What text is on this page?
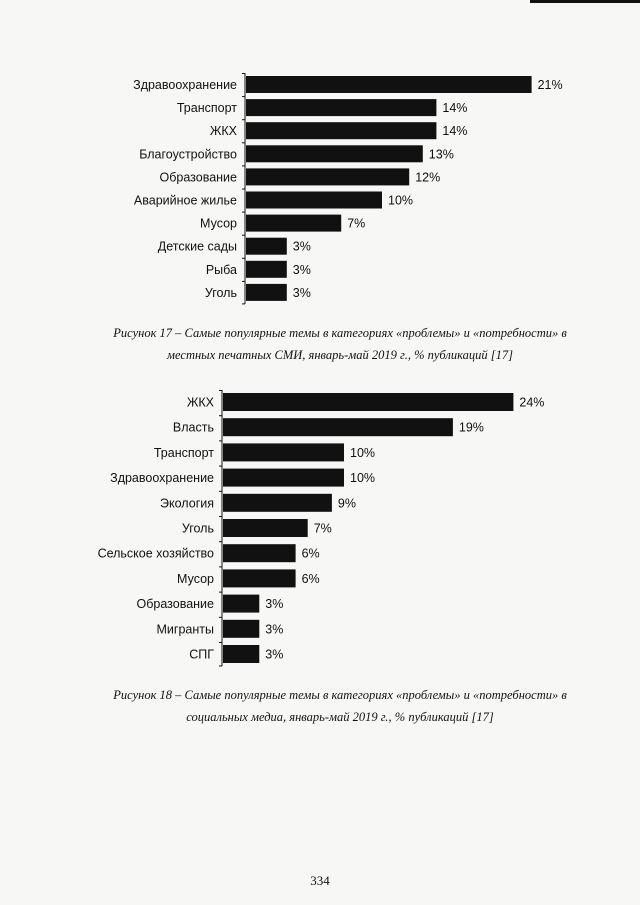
Здравоохранение	21%
Транспорт	14%
ЖКХ	14%
Благоустройство	13%
Образование	12%
Аварийное жилье	10%
Мусор	7%
Детские сады	3%
Рыба	3%
Уголь	3%
Рисунок 17 – Самые популярные темы в категориях «проблемы» и «потребности» в
местных печатных СМИ, январь-май 2019 г., % публикаций [17]
ЖКХ	24%
Власть	19%
Транспорт	10%
Здравоохранение	10%
Экология	9%
Уголь	7%
Сельское хозяйство	6%
Мусор	6%
Образование	3%
Мигранты	3%
СПГ	3%
Рисунок 18 – Самые популярные темы в категориях «проблемы» и «потребности» в
социальных медиа, январь-май 2019 г., % публикаций [17]
334
